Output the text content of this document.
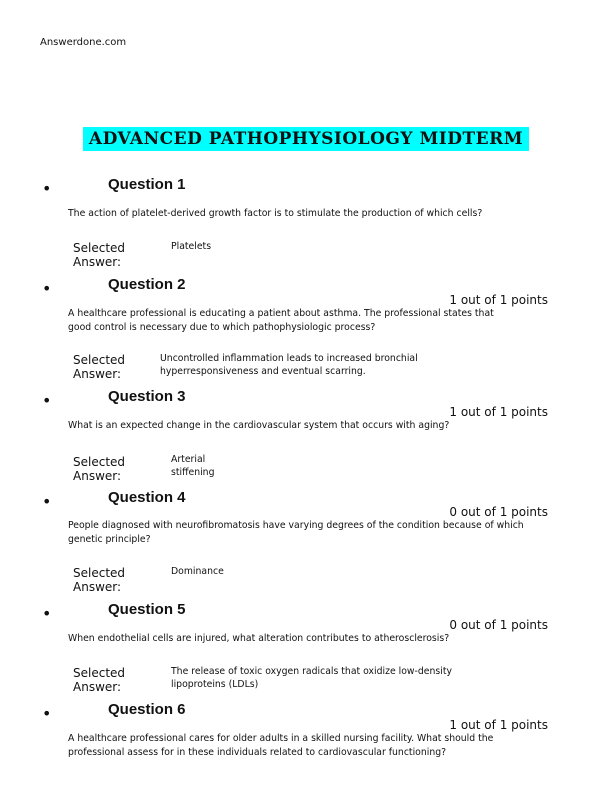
Answerdone.com
ADVANCED PATHOPHYSIOLOGY MIDTERM
•	Question 1
The action of platelet-derived growth factor is to stimulate the production of which cells?
Selected
Answer:
Platelets
•	Question 2
1 out of 1 points
A healthcare professional is educating a patient about asthma. The professional states that good control is necessary due to which pathophysiologic process?
Selected
Answer:
Uncontrolled inflammation leads to increased bronchial hyperresponsiveness and eventual scarring.
•	Question 3
1 out of 1 points
What is an expected change in the cardiovascular system that occurs with aging?
Selected
Answer:
Arterial stiffening
•	Question 4
0 out of 1 points
People diagnosed with neurofibromatosis have varying degrees of the condition because of which genetic principle?
Selected
Answer:
Dominance
•	Question 5
0 out of 1 points
When endothelial cells are injured, what alteration contributes to atherosclerosis?
Selected
Answer:
The release of toxic oxygen radicals that oxidize low-density lipoproteins (LDLs)
•	Question 6
1 out of 1 points
A healthcare professional cares for older adults in a skilled nursing facility. What should the professional assess for in these individuals related to cardiovascular functioning?
